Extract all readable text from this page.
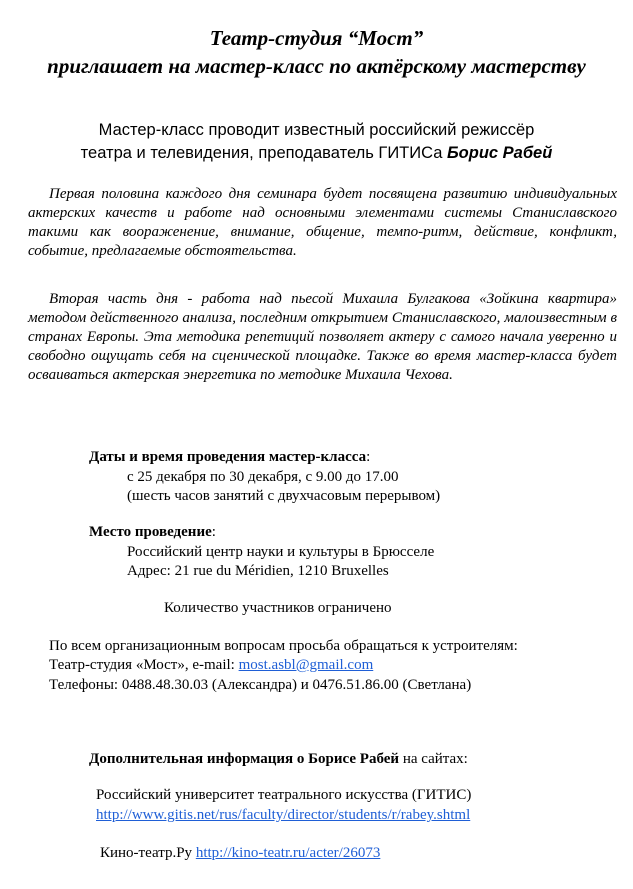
Театр-студия “Мост”
приглашает на мастер-класс по актёрскому мастерству
Мастер-класс проводит известный российский режиссёр
театра и телевидения, преподаватель ГИТИСа Борис Рабей

Первая половина каждого дня семинара будет посвящена развитию индивидуальных актерских качеств и работе над основными элементами системы Станиславского такими как воораженение, внимание, общение, темпо-ритм, действие, конфликт, событие, предлагаемые обстоятельства.

Вторая часть дня - работа над пьесой Михаила Булгакова «Зойкина квартира» методом действенного анализа, последним открытием Станиславского, малоизвестным в странах Европы. Эта методика репетиций позволяет актеру с самого начала уверенно и свободно ощущать себя на сценической площадке. Также во время мастер-класса будет осваиваться актерская энергетика по методике Михаила Чехова.

Даты и время проведения мастер-класса:
с 25 декабря по 30 декабря, с 9.00 до 17.00
(шесть часов занятий с двухчасовым перерывом)
Место проведение:
Российский центр науки и культуры в Брюсселе
Адрес: 21 rue du Méridien, 1210 Bruxelles
Количество участников ограничено
По всем организационным вопросам просьба обращаться к устроителям:
Театр-студия «Мост», e-mail: most.asbl@gmail.com
Телефоны: 0488.48.30.03 (Александра) и 0476.51.86.00 (Светлана)
Дополнительная информация о Борисе Рабей на сайтах:
Российский университет театрального искусства (ГИТИС)
http://www.gitis.net/rus/faculty/director/students/r/rabey.shtml
Кино-театр.Ру http://kino-teatr.ru/acter/26073
